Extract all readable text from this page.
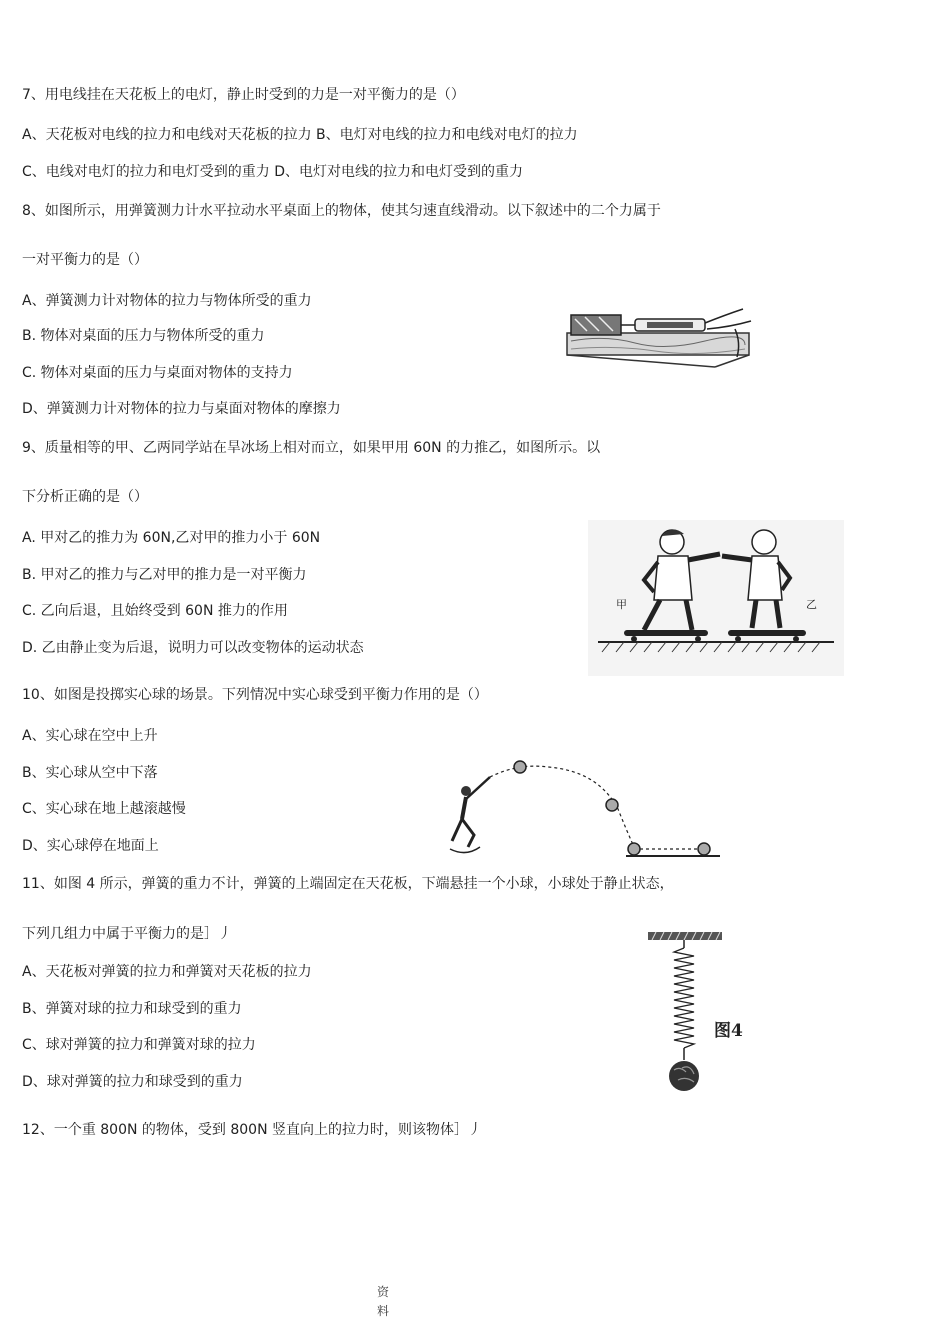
7、用电线挂在天花板上的电灯，静止时受到的力是一对平衡力的是（）
A、天花板对电线的拉力和电线对天花板的拉力 B、电灯对电线的拉力和电线对电灯的拉力
C、电线对电灯的拉力和电灯受到的重力 D、电灯对电线的拉力和电灯受到的重力
8、如图所示，用弹簧测力计水平拉动水平桌面上的物体，使其匀速直线滑动。以下叙述中的二个力属于
一对平衡力的是（）
A、弹簧测力计对物体的拉力与物体所受的重力
B. 物体对桌面的压力与物体所受的重力
C. 物体对桌面的压力与桌面对物体的支持力
D、弹簧测力计对物体的拉力与桌面对物体的摩擦力
9、质量相等的甲、乙两同学站在旱冰场上相对而立，如果甲用 60N 的力推乙，如图所示。以
下分析正确的是（）
A. 甲对乙的推力为 60N,乙对甲的推力小于 60N
B. 甲对乙的推力与乙对甲的推力是一对平衡力
C. 乙向后退，且始终受到 60N 推力的作用
D. 乙由静止变为后退，说明力可以改变物体的运动状态
甲	乙
10、如图是投掷实心球的场景。下列情况中实心球受到平衡力作用的是（）
A、实心球在空中上升
B、实心球从空中下落
C、实心球在地上越滚越慢
D、实心球停在地面上
11、如图 4 所示，弹簧的重力不计，弹簧的上端固定在天花板，下端悬挂一个小球，小球处于静止状态，
下列几组力中属于平衡力的是］丿
A、天花板对弹簧的拉力和弹簧对天花板的拉力
B、弹簧对球的拉力和球受到的重力
C、球对弹簧的拉力和弹簧对球的拉力
D、球对弹簧的拉力和球受到的重力
图4
12、一个重 800N 的物体，受到 800N 竖直向上的拉力时，则该物体］丿
资
料
